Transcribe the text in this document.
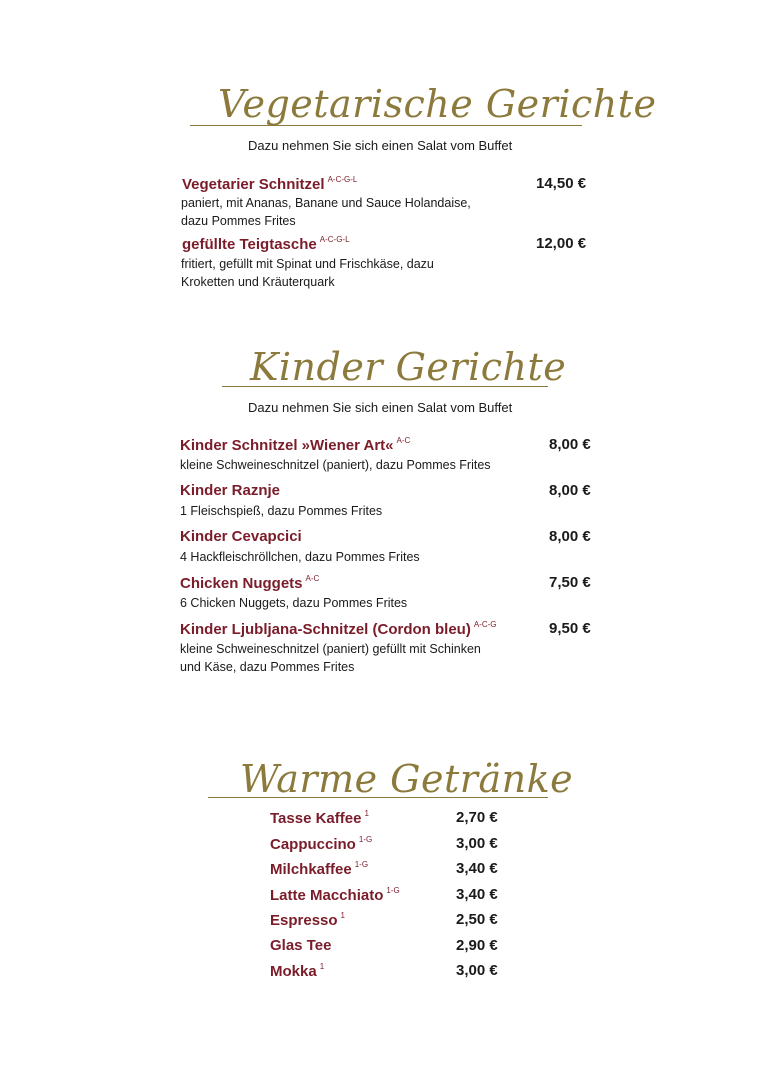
Vegetarische Gerichte
Dazu nehmen Sie sich einen Salat vom Buffet
Vegetarier Schnitzel $^{A-C-G-L}$	14,50 €
paniert, mit Ananas, Banane und Sauce Holandaise,
dazu Pommes Frites
gefüllte Teigtasche $^{A-C-G-L}$	12,00 €
fritiert, gefüllt mit Spinat und Frischkäse, dazu
Kroketten und Kräuterquark
Kinder Gerichte
Dazu nehmen Sie sich einen Salat vom Buffet
Kinder Schnitzel »Wiener Art« $^{A-C}$	8,00 €
kleine Schweineschnitzel (paniert), dazu Pommes Frites
Kinder Raznje	8,00 €
1 Fleischspieß, dazu Pommes Frites
Kinder Cevapcici	8,00 €
4 Hackfleischröllchen, dazu Pommes Frites
Chicken Nuggets $^{A-C}$	7,50 €
6 Chicken Nuggets, dazu Pommes Frites
Kinder Ljubljana-Schnitzel (Cordon bleu) $^{A-C-G}$	9,50 €
kleine Schweineschnitzel (paniert) gefüllt mit Schinken
und Käse, dazu Pommes Frites
Warme Getränke
Tasse Kaffee $^1$	2,70 €
Cappuccino $^{1-G}$	3,00 €
Milchkaffee $^{1-G}$	3,40 €
Latte Macchiato $^{1-G}$	3,40 €
Espresso $^1$	2,50 €
Glas Tee	2,90 €
Mokka $^1$	3,00 €
